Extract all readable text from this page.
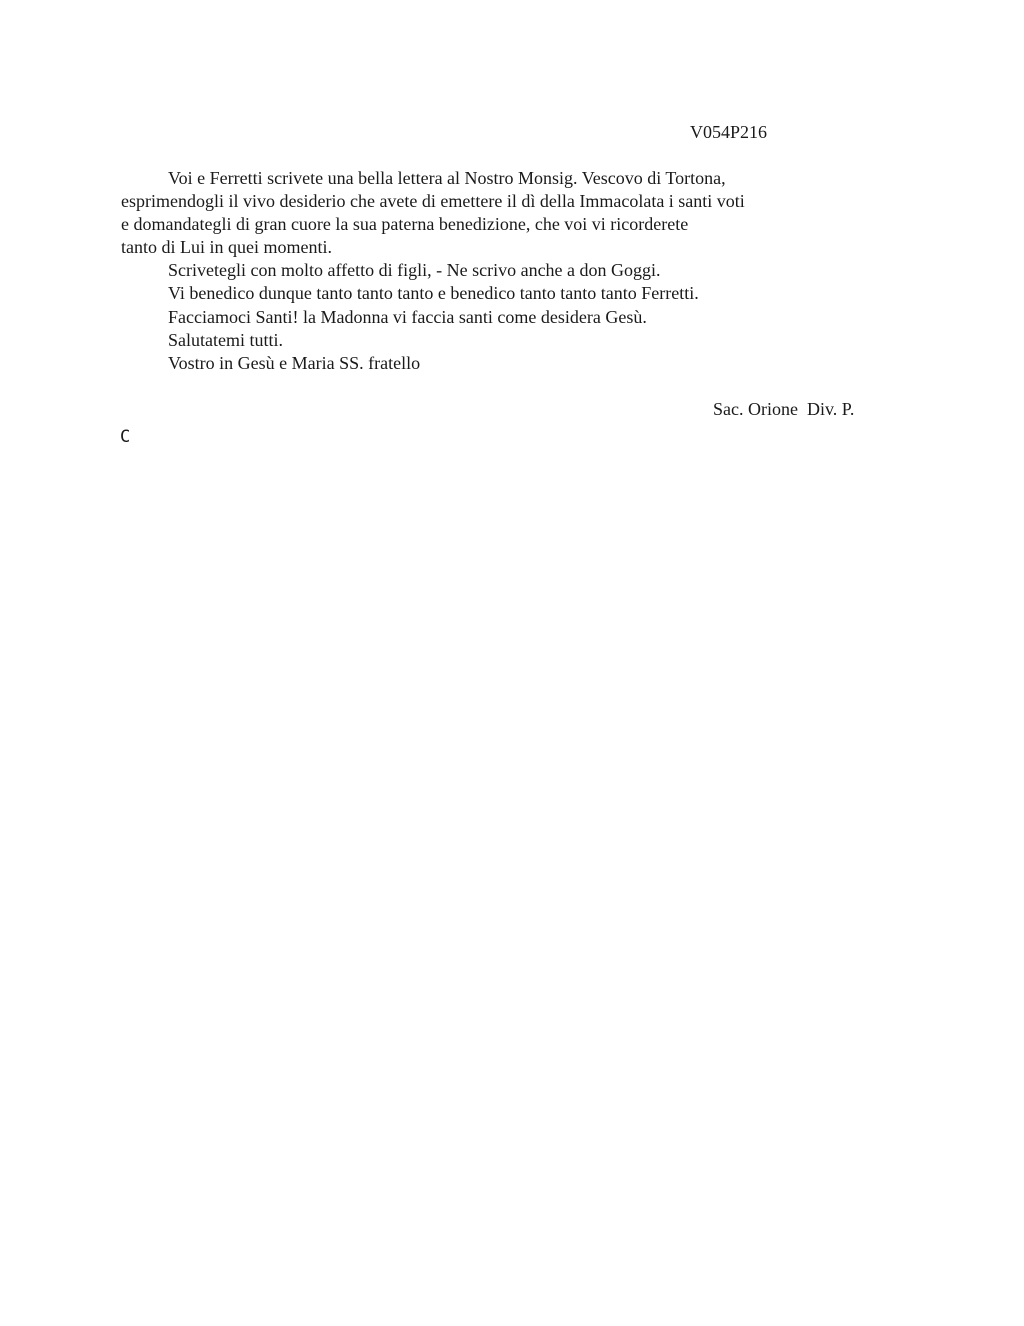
V054P216
Voi e Ferretti scrivete una bella lettera al Nostro Monsig. Vescovo di Tortona,
esprimendogli il vivo desiderio che avete di emettere il dì della Immacolata i santi voti
e domandategli di gran cuore la sua paterna benedizione, che voi vi ricorderete
tanto di Lui in quei momenti.
Scrivetegli con molto affetto di figli, - Ne scrivo anche a don Goggi.
Vi benedico dunque tanto tanto tanto e benedico tanto tanto tanto Ferretti.
Facciamoci Santi! la Madonna vi faccia santi come desidera Gesù.
Salutatemi tutti.
Vostro in Gesù e Maria SS. fratello
Sac. Orione  Div. P.
C
